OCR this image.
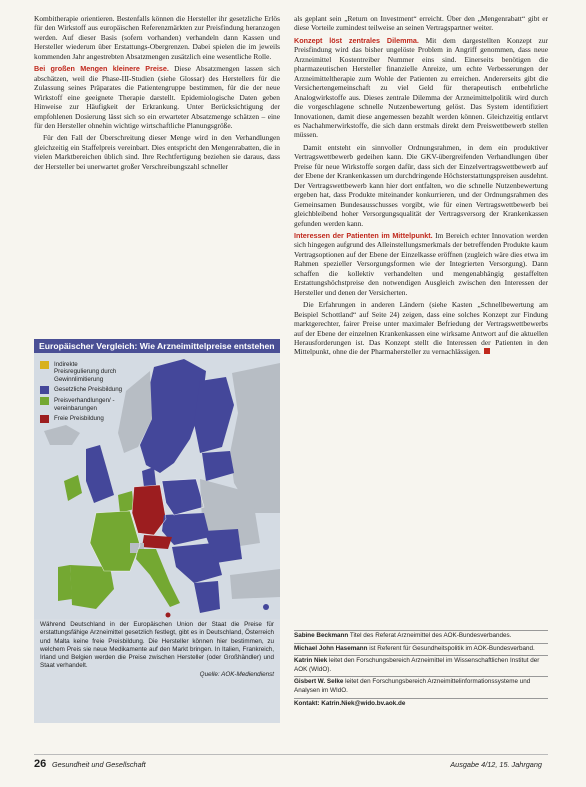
Kombitherapie orientieren. Bestenfalls können die Hersteller ihr gesetzliche Erlös für den Wirkstoff aus europäischen Referenzmärkten zur Preisfindung heranzogen werden. Auf dieser Basis (sofern vorhanden) verhandeln dann Kassen und Hersteller wiederum über Erstattungs-Obergrenzen. Dabei spielen die im jeweils kommenden Jahr angestrebten Absatzmengen zusätzlich eine wesentliche Rolle.

Bei großen Mengen kleinere Preise. Diese Absatzmengen lassen sich abschätzen, weil die Phase-III-Studien (siehe Glossar) des Herstellers für die Zulassung seines Präparates die Patientengruppe bestimmen, für die der neue Wirkstoff eine geeignete Therapie darstellt. Epidemiologische Daten geben Hinweise zur Häufigkeit der Erkrankung. Unter Berücksichtigung der empfohlenen Dosierung lässt sich so ein erwarteter Absatzmenge schätzen – eine für den Hersteller ohnehin wichtige wirtschaftliche Planungsgröße.

Für den Fall der Überschreitung dieser Menge wird in den Verhandlungen gleichzeitig ein Staffelpreis vereinbart. Dies entspricht den Mengenrabatten, die in vielen Marktbereichen üblich sind. Ihre Rechtfertigung beziehen sie daraus, dass der Hersteller bei unerwartet großer Verschreibungszahl schneller

Europäischer Vergleich: Wie Arzneimittelpreise entstehen
Indirekte Preisregulierung durch Gewinnlimitierung
Gesetzliche Preisbildung
Preisverhandlungen/ -vereinbarungen
Freie Preisbildung
Während Deutschland in der Europäischen Union der Staat die Preise für erstattungsfähige Arzneimittel gesetzlich festlegt, gibt es in Deutschland, Österreich und Malta keine freie Preisbildung. Die Hersteller können hier bestimmen, zu welchem Preis sie neue Medikamente auf den Markt bringen. In Italien, Frankreich, Irland und Belgien werden die Preise zwischen Hersteller (oder Großhändler) und Staat verhandelt.
Quelle: AOK-Mediendienst

als geplant sein „Return on Investment“ erreicht. Über den „Mengenrabatt“ gibt er diese Vorteile zumindest teilweise an seinen Vertragspartner weiter.

Konzept löst zentrales Dilemma. Mit dem dargestellten Konzept zur Preisfindung wird das bisher ungelöste Problem in Angriff genommen, dass neue Arzneimittel Kostentreiber Nummer eins sind. Einerseits benötigen die pharmazeutischen Hersteller finanzielle Anreize, um echte Verbesserungen der Arzneimitteltherapie zum Wohle der Patienten zu erreichen. Andererseits gibt die Versichertengemeinschaft zu viel Geld für therapeutisch entbehrliche Analogwirkstoffe aus. Dieses zentrale Dilemma der Arzneimittelpolitik wird durch die vorgeschlagene schnelle Nutzenbewertung gelöst. Das System identifiziert Innovationen, damit diese angemessen bezahlt werden können. Gleichzeitig entlarvt es Nachahmerwirkstoffe, die sich dann erstmals direkt dem Preiswettbewerb stellen müssen.

Damit entsteht ein sinnvoller Ordnungsrahmen, in dem ein produktiver Vertragswettbewerb gedeihen kann. Die GKV-übergreifenden Verhandlungen über Preise für neue Wirkstoffe sorgen dafür, dass sich der Einzelvertragswettbewerb auf der Ebene der Krankenkassen um durchdringende Höchsterstattungspreisen ausdehnt. Der Vertragswettbewerb kann hier dort entfalten, wo die schnelle Nutzenbewertung ergeben hat, dass Produkte miteinander konkurrieren, und der Ordnungsrahmen des Gemeinsamen Bundesausschusses vorgibt, wie für einen Vertragswettbewerb bei gleichbleibend hoher Versorgungsqualität der Vertragsversorg der Krankenkassen gefunden werden kann.

Interessen der Patienten im Mittelpunkt. Im Bereich echter Innovation werden sich hingegen aufgrund des Alleinstellungsmerkmals der betreffenden Produkte kaum Vertragsoptionen auf der Ebene der Einzelkasse eröffnen (zugleich wäre dies etwa im Rahmen spezieller Versorgungsformen wie der Integrierten Versorgung). Dann schaffen die kollektiv verhandelten und mengenabhängig gestaffelten Erstattungshöchstpreise den notwendigen Ausgleich zwischen den Interessen der Hersteller und denen der Versicherten.

Die Erfahrungen in anderen Ländern (siehe Kasten „Schnellbewertung am Beispiel Schottland“ auf Seite 24) zeigen, dass eine solches Konzept zur Findung marktgerechter, fairer Preise unter maximaler Befriedung der Vertragswettbewerbs auf der Ebene der einzelnen Krankenkassen eine wirksame Antwort auf die aktuellen Herausforderungen ist. Das Konzept stellt die Interessen der Patienten in den Mittelpunkt, ohne die der Pharmahersteller zu vernachlässigen.

Sabine Beckmann Titel des Referat Arzneimittel des AOK-Bundesverbandes.
Michael John Hasemann ist Referent für Gesundheitspolitik im AOK-Bundesverband.
Katrin Niek leitet den Forschungsbereich Arzneimittel im Wissenschaftlichen Institut der AOK (WIdO).
Gisbert W. Selke leitet den Forschungsbereich Arzneimittelinformationssysteme und Analysen im WIdO.
Kontakt: Katrin.Niek@wido.bv.aok.de
26 Gesundheit und Gesellschaft	Ausgabe 4/12, 15. Jahrgang
